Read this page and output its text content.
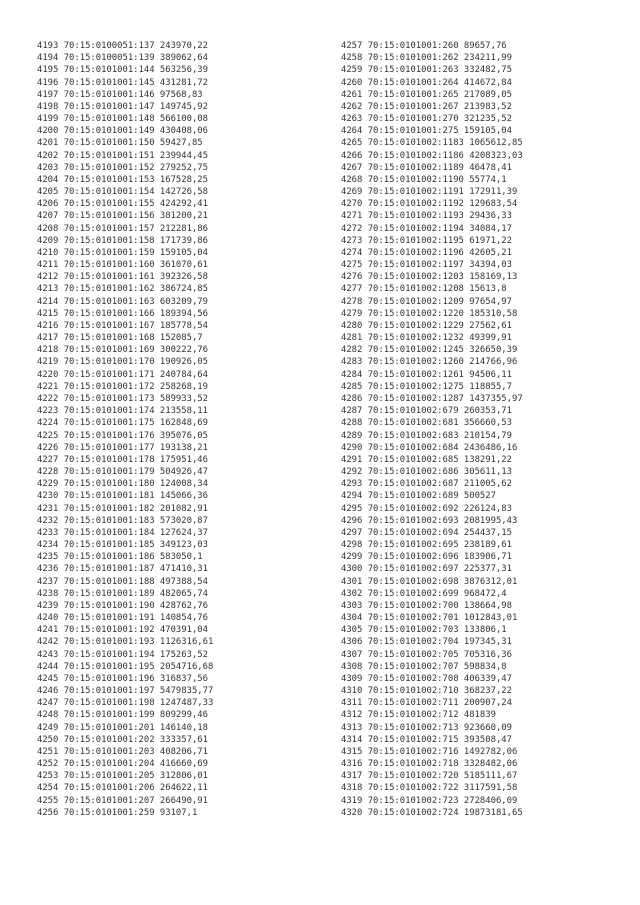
4193 70:15:0100051:137 243970,22
4194 70:15:0100051:139 389062,64
4195 70:15:0101001:144 563256,39
4196 70:15:0101001:145 431281,72
4197 70:15:0101001:146 97568,83
4198 70:15:0101001:147 149745,92
4199 70:15:0101001:148 566100,08
4200 70:15:0101001:149 430408,06
4201 70:15:0101001:150 59427,85
4202 70:15:0101001:151 239944,45
4203 70:15:0101001:152 279252,75
4204 70:15:0101001:153 167528,25
4205 70:15:0101001:154 142726,58
4206 70:15:0101001:155 424292,41
4207 70:15:0101001:156 381200,21
4208 70:15:0101001:157 212281,86
4209 70:15:0101001:158 171739,86
4210 70:15:0101001:159 159105,04
4211 70:15:0101001:160 361070,61
4212 70:15:0101001:161 392326,58
4213 70:15:0101001:162 386724,85
4214 70:15:0101001:163 603209,79
4215 70:15:0101001:166 189394,56
4216 70:15:0101001:167 185778,54
4217 70:15:0101001:168 152085,7
4218 70:15:0101001:169 300222,76
4219 70:15:0101001:170 190926,05
4220 70:15:0101001:171 240784,64
4221 70:15:0101001:172 258268,19
4222 70:15:0101001:173 589933,52
4223 70:15:0101001:174 213558,11
4224 70:15:0101001:175 162848,69
4225 70:15:0101001:176 395076,05
4226 70:15:0101001:177 193138,21
4227 70:15:0101001:178 175951,46
4228 70:15:0101001:179 504926,47
4229 70:15:0101001:180 124008,34
4230 70:15:0101001:181 145066,36
4231 70:15:0101001:182 201082,91
4232 70:15:0101001:183 573020,87
4233 70:15:0101001:184 127624,37
4234 70:15:0101001:185 349123,03
4235 70:15:0101001:186 583050,1
4236 70:15:0101001:187 471410,31
4237 70:15:0101001:188 497388,54
4238 70:15:0101001:189 482065,74
4239 70:15:0101001:190 428762,76
4240 70:15:0101001:191 140854,76
4241 70:15:0101001:192 470391,04
4242 70:15:0101001:193 1126316,61
4243 70:15:0101001:194 175263,52
4244 70:15:0101001:195 2054716,68
4245 70:15:0101001:196 316837,56
4246 70:15:0101001:197 5479835,77
4247 70:15:0101001:198 1247487,33
4248 70:15:0101001:199 809299,46
4249 70:15:0101001:201 146140,18
4250 70:15:0101001:202 333357,61
4251 70:15:0101001:203 408206,71
4252 70:15:0101001:204 416660,69
4253 70:15:0101001:205 312806,01
4254 70:15:0101001:206 264622,11
4255 70:15:0101001:207 266490,91
4256 70:15:0101001:259 93107,1
4257 70:15:0101001:260 89657,76
4258 70:15:0101001:262 234211,99
4259 70:15:0101001:263 332482,75
4260 70:15:0101001:264 414672,84
4261 70:15:0101001:265 217089,05
4262 70:15:0101001:267 213983,52
4263 70:15:0101001:270 321235,52
4264 70:15:0101001:275 159105,04
4265 70:15:0101002:1183 1065612,85
4266 70:15:0101002:1186 4208323,03
4267 70:15:0101002:1189 46478,41
4268 70:15:0101002:1190 55774,1
4269 70:15:0101002:1191 172911,39
4270 70:15:0101002:1192 129683,54
4271 70:15:0101002:1193 29436,33
4272 70:15:0101002:1194 34084,17
4273 70:15:0101002:1195 61971,22
4274 70:15:0101002:1196 42605,21
4275 70:15:0101002:1197 34394,03
4276 70:15:0101002:1203 158169,13
4277 70:15:0101002:1208 15613,8
4278 70:15:0101002:1209 97654,97
4279 70:15:0101002:1220 185310,58
4280 70:15:0101002:1229 27562,61
4281 70:15:0101002:1232 49399,91
4282 70:15:0101002:1245 326650,39
4283 70:15:0101002:1260 214766,96
4284 70:15:0101002:1261 94506,11
4285 70:15:0101002:1275 118855,7
4286 70:15:0101002:1287 1437355,97
4287 70:15:0101002:679 260353,71
4288 70:15:0101002:681 356660,53
4289 70:15:0101002:683 210154,79
4290 70:15:0101002:684 2436486,16
4291 70:15:0101002:685 138291,22
4292 70:15:0101002:686 305611,13
4293 70:15:0101002:687 211005,62
4294 70:15:0101002:689 500527
4295 70:15:0101002:692 226124,83
4296 70:15:0101002:693 2081995,43
4297 70:15:0101002:694 254437,15
4298 70:15:0101002:695 238189,61
4299 70:15:0101002:696 183906,71
4300 70:15:0101002:697 225377,31
4301 70:15:0101002:698 3876312,01
4302 70:15:0101002:699 968472,4
4303 70:15:0101002:700 138664,98
4304 70:15:0101002:701 1012843,01
4305 70:15:0101002:703 133806,1
4306 70:15:0101002:704 197345,31
4307 70:15:0101002:705 705316,36
4308 70:15:0101002:707 598834,8
4309 70:15:0101002:708 406339,47
4310 70:15:0101002:710 368237,22
4311 70:15:0101002:711 200907,24
4312 70:15:0101002:712 481839
4313 70:15:0101002:713 923660,09
4314 70:15:0101002:715 393508,47
4315 70:15:0101002:716 1492782,06
4316 70:15:0101002:718 3328482,06
4317 70:15:0101002:720 5185111,67
4318 70:15:0101002:722 3117591,58
4319 70:15:0101002:723 2728406,09
4320 70:15:0101002:724 19873181,65
